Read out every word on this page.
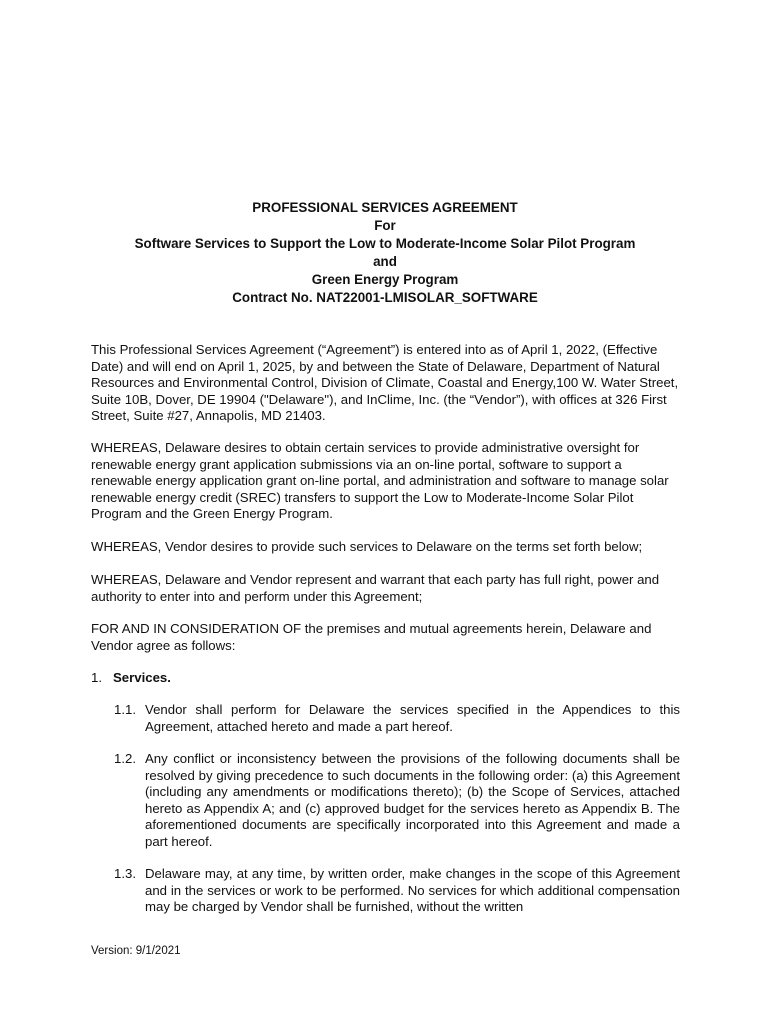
PROFESSIONAL SERVICES AGREEMENT
For
Software Services to Support the Low to Moderate-Income Solar Pilot Program
and
Green Energy Program
Contract No. NAT22001-LMISOLAR_SOFTWARE

This Professional Services Agreement (“Agreement”) is entered into as of April 1, 2022, (Effective Date) and will end on April 1, 2025, by and between the State of Delaware, Department of Natural Resources and Environmental Control, Division of Climate, Coastal and Energy,100 W. Water Street, Suite 10B, Dover, DE 19904 ("Delaware"), and InClime, Inc. (the “Vendor”), with offices at 326 First Street, Suite #27, Annapolis, MD 21403.

WHEREAS, Delaware desires to obtain certain services to provide administrative oversight for renewable energy grant application submissions via an on-line portal, software to support a renewable energy application grant on-line portal, and administration and software to manage solar renewable energy credit (SREC) transfers to support the Low to Moderate-Income Solar Pilot Program and the Green Energy Program.

WHEREAS, Vendor desires to provide such services to Delaware on the terms set forth below;

WHEREAS, Delaware and Vendor represent and warrant that each party has full right, power and authority to enter into and perform under this Agreement;

FOR AND IN CONSIDERATION OF the premises and mutual agreements herein, Delaware and Vendor agree as follows:

1. Services.
1.1. Vendor shall perform for Delaware the services specified in the Appendices to this Agreement, attached hereto and made a part hereof.
1.2. Any conflict or inconsistency between the provisions of the following documents shall be resolved by giving precedence to such documents in the following order: (a) this Agreement (including any amendments or modifications thereto); (b) the Scope of Services, attached hereto as Appendix A; and (c) approved budget for the services hereto as Appendix B. The aforementioned documents are specifically incorporated into this Agreement and made a part hereof.
1.3. Delaware may, at any time, by written order, make changes in the scope of this Agreement and in the services or work to be performed. No services for which additional compensation may be charged by Vendor shall be furnished, without the written
Version: 9/1/2021
